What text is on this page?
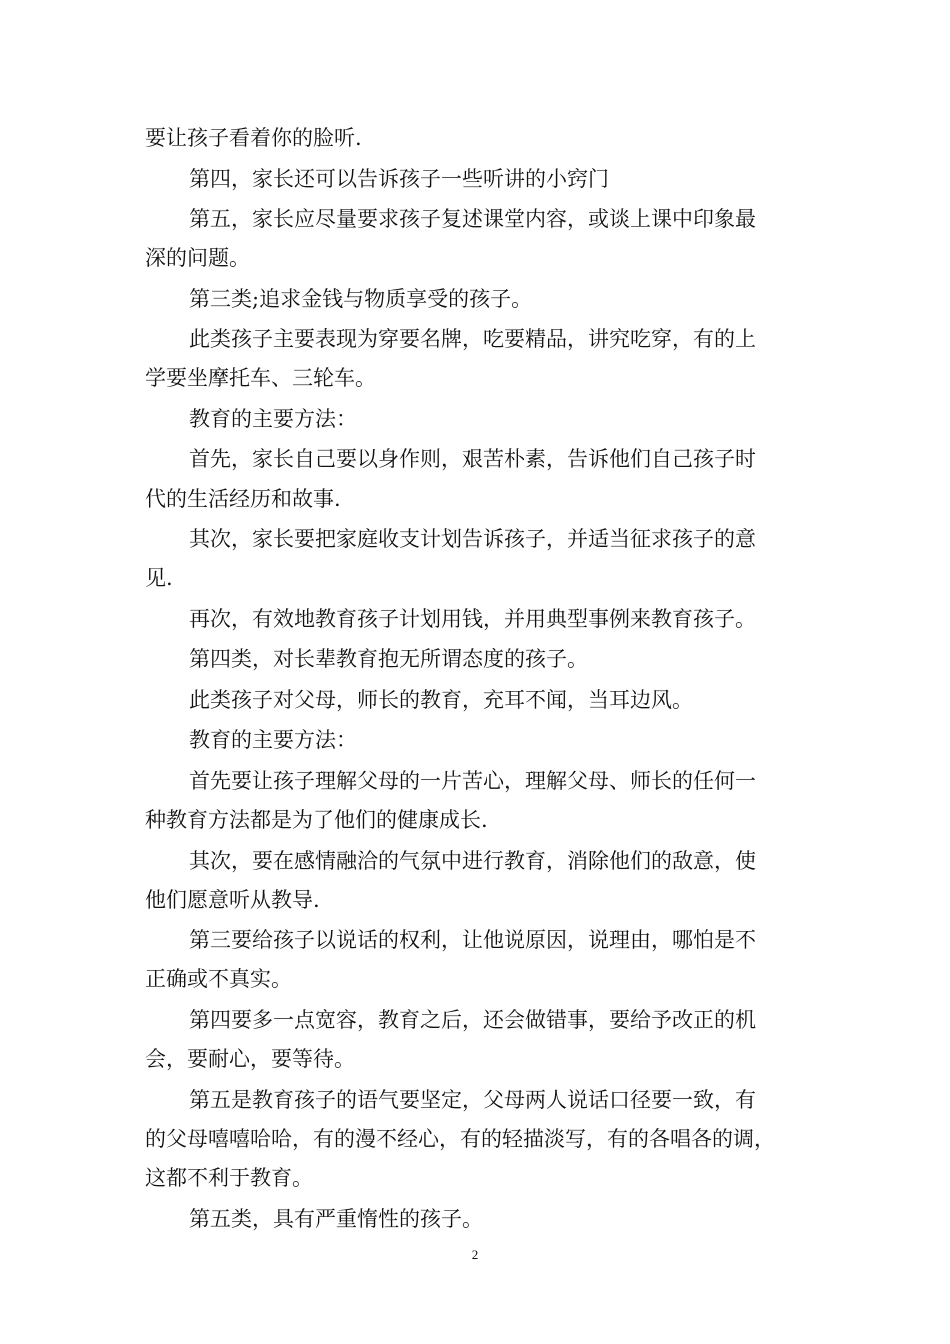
要让孩子看着你的脸听.

第四，家长还可以告诉孩子一些听讲的小窍门

第五，家长应尽量要求孩子复述课堂内容，或谈上课中印象最
深的问题。

第三类;追求金钱与物质享受的孩子。

此类孩子主要表现为穿要名牌，吃要精品，讲究吃穿，有的上
学要坐摩托车、三轮车。

教育的主要方法：

首先，家长自己要以身作则，艰苦朴素，告诉他们自己孩子时
代的生活经历和故事.

其次，家长要把家庭收支计划告诉孩子，并适当征求孩子的意
见.

再次，有效地教育孩子计划用钱，并用典型事例来教育孩子。

第四类，对长辈教育抱无所谓态度的孩子。

此类孩子对父母，师长的教育，充耳不闻，当耳边风。

教育的主要方法：

首先要让孩子理解父母的一片苦心，理解父母、师长的任何一
种教育方法都是为了他们的健康成长.

其次，要在感情融洽的气氛中进行教育，消除他们的敌意，使
他们愿意听从教导.

第三要给孩子以说话的权利，让他说原因，说理由，哪怕是不
正确或不真实。

第四要多一点宽容，教育之后，还会做错事，要给予改正的机
会，要耐心，要等待。

第五是教育孩子的语气要坚定，父母两人说话口径要一致，有
的父母嘻嘻哈哈，有的漫不经心，有的轻描淡写，有的各唱各的调，
这都不利于教育。

第五类，具有严重惰性的孩子。

2
